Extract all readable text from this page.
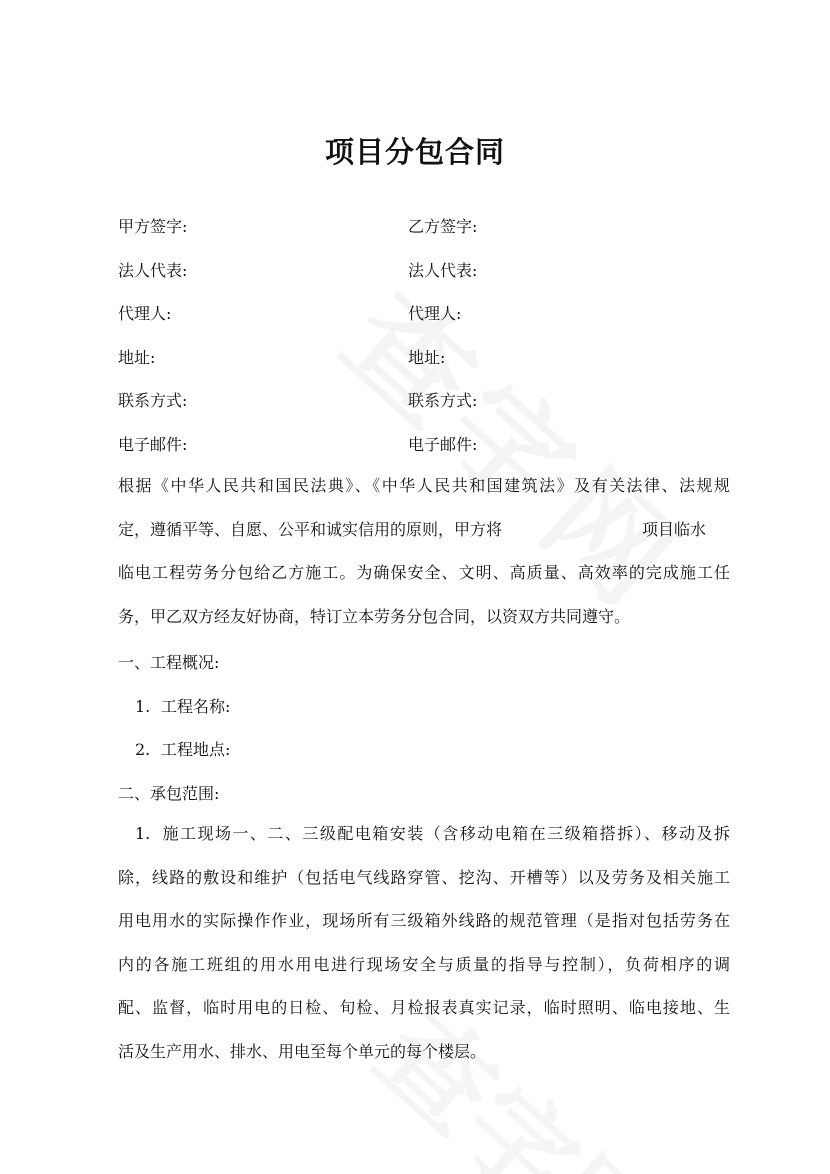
项目分包合同
甲方签字:	乙方签字:
法人代表:	法人代表:
代理人:	代理人:
地址:	地址:
联系方式:	联系方式:
电子邮件:	电子邮件:
根据《中华人民共和国民法典》、《中华人民共和国建筑法》及有关法律、法规规
定，遵循平等、自愿、公平和诚实信用的原则，甲方将	项目临水
临电工程劳务分包给乙方施工。为确保安全、文明、高质量、高效率的完成施工任
务，甲乙双方经友好协商，特订立本劳务分包合同，以资双方共同遵守。
一、工程概况:
1. 工程名称:
2. 工程地点:
二、承包范围:
1. 施工现场一、二、三级配电箱安装（含移动电箱在三级箱搭拆）、移动及拆
除，线路的敷设和维护（包括电气线路穿管、挖沟、开槽等）以及劳务及相关施工
用电用水的实际操作作业，现场所有三级箱外线路的规范管理（是指对包括劳务在
内的各施工班组的用水用电进行现场安全与质量的指导与控制），负荷相序的调
配、监督，临时用电的日检、旬检、月检报表真实记录，临时照明、临电接地、生
活及生产用水、排水、用电至每个单元的每个楼层。
